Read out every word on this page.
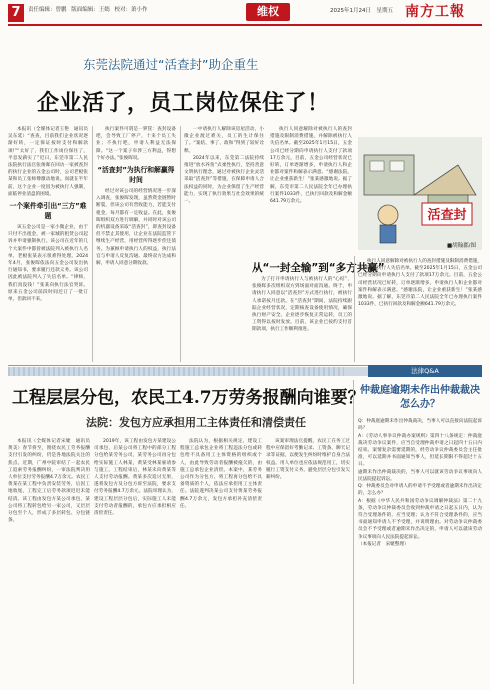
7	责任编辑：曾鹏 版面编辑：王嫣 校对：萧小作	维权	2025年1月24日　星期五 南方工報
东莞法院通过“活查封”助企重生
企业活了，员工岗位保住了！

本报讯（全媒体记者王艳　通讯员吴东延）“查查，目前我们企业状况逐渐好转，一定保证按时支付和解款项!”“太好了，我们工作岗位保住了，平息发薪实了”近日，东莞市第二人民法院执行法官张俊晖在回访一家被查封的执行企业的五金公司时，公司老板张某和员工张师傅激动地说。而就在半年前，这个企业一度因为被执行人强制，面临停业清盘的困境。

一个案件牵引出“三方”难题

该五金公司是一家小微企业，由于只付不出租金，被一家城的租赁公司起诉并申请强制执行。该公司在近年的几个大案件中都曾被法院列入被执行人名单，老板张某表示很难得处理。2024年4月，张俊晖依法向五金公司发出执行通知书，要求履行还款义务。该公司因此被法院列入了失信名单。“律师，我们真没钱！”张某向执行法官哭诉。原来五金公司前段时间还订了一批订单，但款回不来。

执行案件可谓是一箩筐：查封设备吧，会导致工厂停产，十来个员工失业；不执行吧，申请人利益无法保障。“这一个案子牵涉三方利益，得想个好办法。”张俊晖说。

“活查封”为执行和解赢得时间

经过对该公司的经营情况进一步深入调查，张俊晖发现，虽然资金链暂时断裂，但该公司有营收能力，若能支付租金，每月都有一定收益。在此，张俊晖组织双方进行调解，并同时对该公司的机器设备采取“活查封”，即查封设备但不禁止其使用，让企业在法院监管下继续生产经营，用经营所得逐步偿还债务。为兼顾申请执行人的权益，执行法官与申请人反复沟通。最终双方达成和解，申请人同意分期收款。

一中请执行人解除该房屋活动，小微企业渡过难关，员工的生计保住了。“案结、事了、政和”得到了较好诠释。

2024年以来，东莞第二法院持续推进“放水养鱼”式柔性执行，坚持善意文明执行理念，通过对被执行企业灵活采取“活查封”等措施，在保障申请人合法权益的同时，为企业保留了生产经营能力，实现了执行效果与社会效果的统一。

执行人同意解除对被执行人的查封措施及限制消费措施，并解除被执行人失信名单。截至2025年1月15日，五金公司已经分期向申请执行人支付了款项17万余元。目前，五金公司经营状况已好转，订单逐渐增多，申请执行人和企业都对案件和解表示满意。“感谢法院，让企业重获新生！”张某感激地说。据了解，东莞市第二人民法院全年已办理执行案件1033件，已执行回款及和解金额641.79万余元。

活查封
■胡翰郡/图
从“一封全输”到“多方共赢”

为了打开申请执行人与被执行人的“心结”，张俊晖多次组织双方到场面对面沟通。终于，申请执行人同意以“活查封”方式进行执行，被执行人承诺按月还款。在“活查封”期间，法院持续跟踪企业经营状况，定期核查设备使用情况，确保执行财产安全。企业逐步恢复正常运转，员工的工资得以按时发放。目前，该企业已按约支付首期款项，执行工作顺利推进。

执行人同意解除对被执行人的查封措施及限制消费措施，并解除被执行人失信名单。截至2025年1月15日，五金公司已经分期向申请执行人支付了款项17万余元。目前，五金公司经营状况已好转，订单逐渐增多，申请执行人和企业都对案件和解表示满意。“感谢法院，让企业重获新生！”张某感激地说。据了解，东莞市第二人民法院全年已办理执行案件1033件，已执行回款及和解金额641.79万余元。

工程层层分包，农民工4.7万劳务报酬向谁要？
法院：发包方应承担用工主体责任和清偿责任

本报讯（全媒体记者宋婕　通讯员黄美）春节将至，围绕农民工劳务报酬支付引发的纠纷，仍是各地法院关注的焦点。近期，广州中院审结了一起农民工追索劳务报酬纠纷，一审法院判决用人单位支付劳务报酬4.7万余元。农民工黄某在某工程中负责安装劳务，后因工地收尾，工程完工后劳务款项迟迟未能结清。该工程由发包方某公司承包，某公司将工程转包给另一家公司，又层层分包至个人，形成了多层转包、分包链条。

2019年，该工程由发包方某建设公司承包，后某公司将工程中的部分工程分包给某劳务公司，某劳务公司再分包给实际施工人林某，黄某受林某雇请参与施工。工程结束后，林某未向黄某等人支付劳动报酬。黄某多次追讨无果，遂将发包方及分包方诉至法院，要求支付劳务报酬4.7万余元。法院审理认为，建设工程层层分包后，实际施工人未能支付劳动者报酬的，承包方应承担相应清偿责任。

法院认为，根据相关规定，建设工程施工总承包企业将工程违法分包或转包给不具备用工主体资格的组织或个人，由此导致劳动者报酬被拖欠的，由施工总承包企业清偿。本案中，某劳务公司作为分包方，将工程再分包给不具备资质的个人，依法应承担用工主体责任。法院遂判决某公司支付黄某劳务报酬4.7万余元，发包方承担补充清偿责任。

该案审理法官提醒，农民工在务工过程中应保留好考勤记录、工资条、聊天记录等证据，以便发生纠纷时维护自身合法权益。用人单位也应依法规范用工，切实履行工资支付义务，避免层层分包引发欠薪纠纷。

法律Q&A
仲裁庭逾期未作出仲裁裁决怎么办？

Q：仲裁庭逾期未作出仲裁裁决，当事人可以直接向法院起诉吗？

A：《劳动人事争议仲裁办案规则》第四十八条规定：仲裁庭裁决劳动争议案件，应当自受理仲裁申请之日起四十五日内结束。案情复杂需要延期的，经劳动争议仲裁委员会主任批准，可以延期并书面通知当事人，但延长期限不得超过十五日。

逾期未作出仲裁裁决的，当事人可以就该劳动争议事项向人民法院提起诉讼。

Q：仲裁委员会对申请人的申请不予受理或者逾期未作出决定的，怎么办？

A：根据《中华人民共和国劳动争议调解仲裁法》第二十九条，劳动争议仲裁委员会收到仲裁申请之日起五日内，认为符合受理条件的，应当受理；认为不符合受理条件的，应当书面通知申请人不予受理，并说明理由。对劳动争议仲裁委员会不予受理或者逾期未作出决定的，申请人可以就该劳动争议事项向人民法院提起诉讼。

（本报记者　宋婕整理）
